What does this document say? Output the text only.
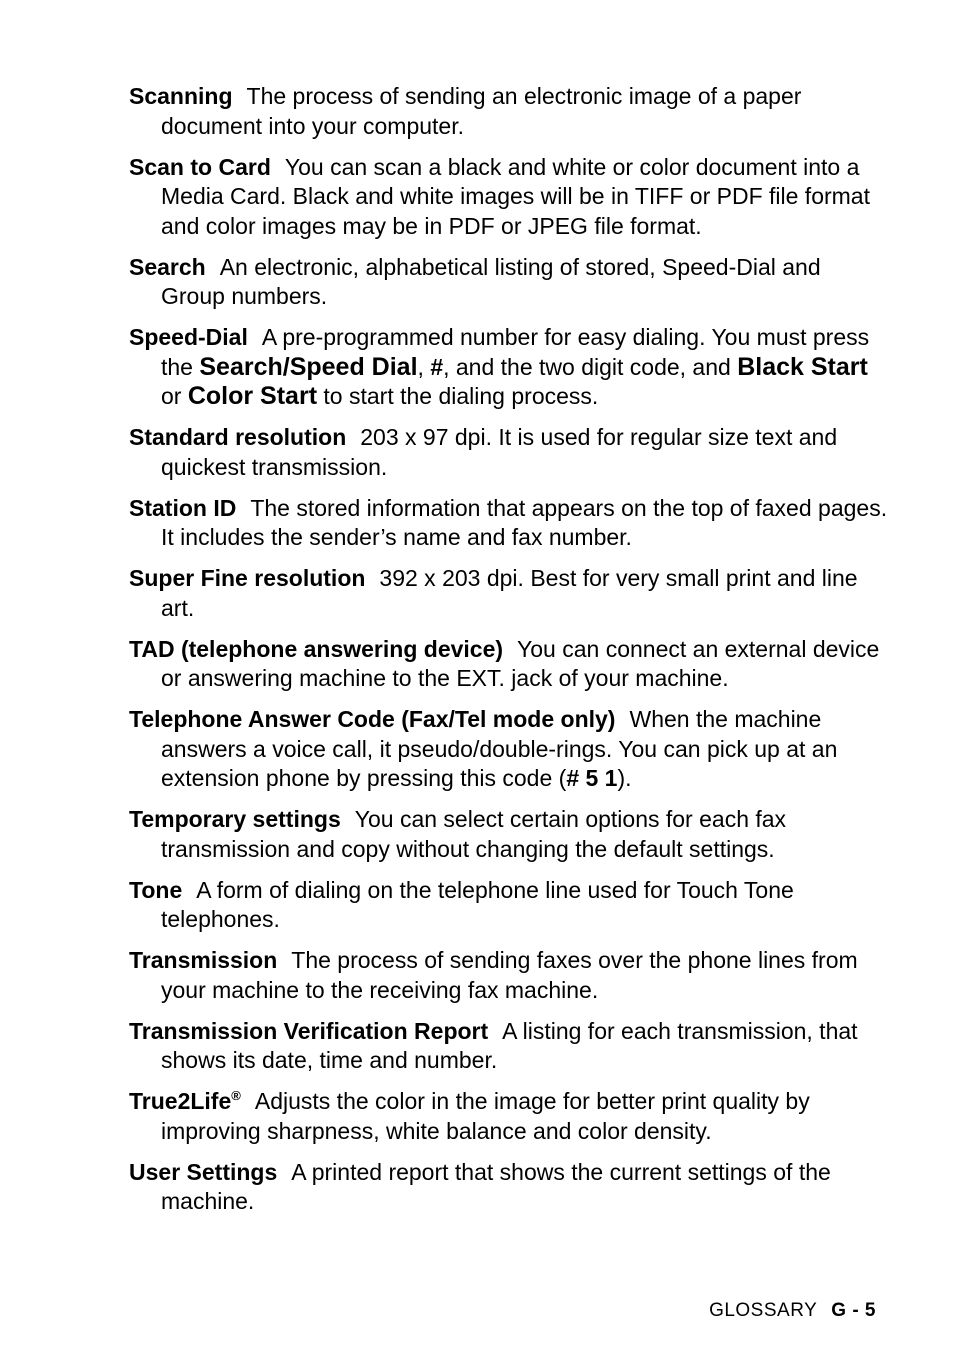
Scanning The process of sending an electronic image of a paper document into your computer.

Scan to Card You can scan a black and white or color document into a Media Card. Black and white images will be in TIFF or PDF file format and color images may be in PDF or JPEG file format.

Search An electronic, alphabetical listing of stored, Speed-Dial and Group numbers.

Speed-Dial A pre-programmed number for easy dialing. You must press the Search/Speed Dial, #, and the two digit code, and Black Start or Color Start to start the dialing process.

Standard resolution 203 x 97 dpi. It is used for regular size text and quickest transmission.

Station ID The stored information that appears on the top of faxed pages. It includes the sender’s name and fax number.

Super Fine resolution 392 x 203 dpi. Best for very small print and line art.

TAD (telephone answering device) You can connect an external device or answering machine to the EXT. jack of your machine.

Telephone Answer Code (Fax/Tel mode only) When the machine answers a voice call, it pseudo/double-rings. You can pick up at an extension phone by pressing this code (# 5 1).

Temporary settings You can select certain options for each fax transmission and copy without changing the default settings.

Tone A form of dialing on the telephone line used for Touch Tone telephones.

Transmission The process of sending faxes over the phone lines from your machine to the receiving fax machine.

Transmission Verification Report A listing for each transmission, that shows its date, time and number.

True2Life® Adjusts the color in the image for better print quality by improving sharpness, white balance and color density.

User Settings A printed report that shows the current settings of the machine.

GLOSSARY G - 5
